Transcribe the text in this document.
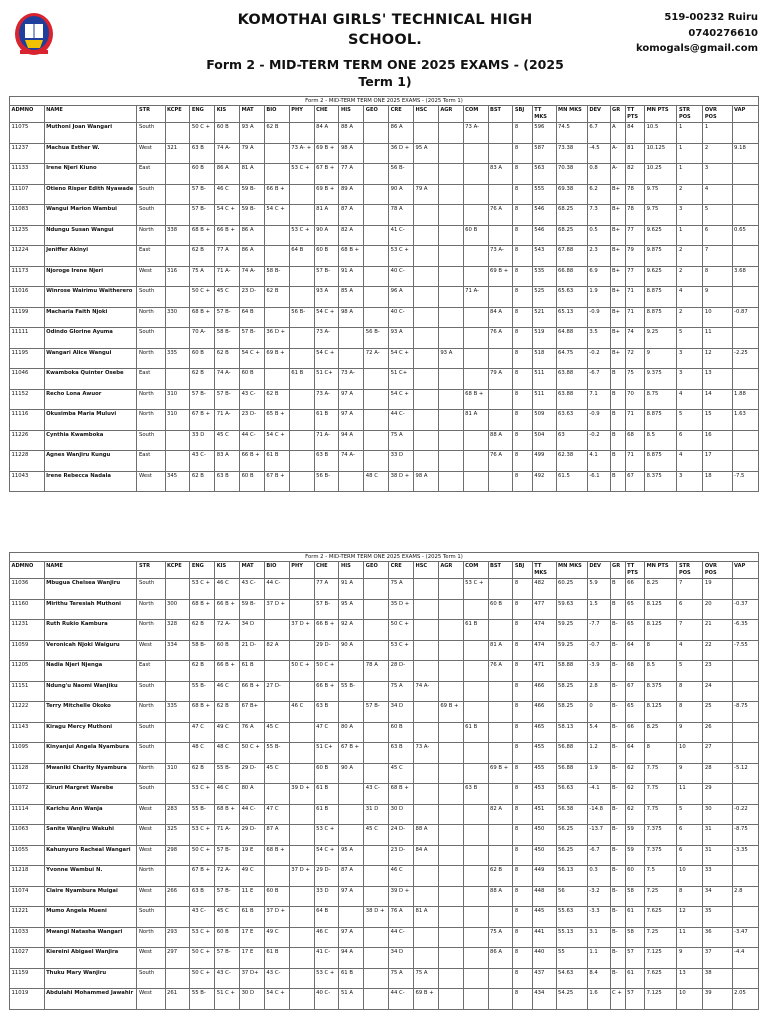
KOMOTHAI GIRLS' TECHNICAL HIGH SCHOOL.
Form 2 - MID-TERM TERM ONE 2025 EXAMS - (2025 Term 1)
519-00232 Ruiru
0740276610
komogals@gmail.com
Form 2 - MID-TERM TERM ONE 2025 EXAMS - (2025 Term 1)																										
ADMNO	NAME	STR	KCPE	ENG	KIS	MAT	BIO	PHY	CHE	HIS	GEO	CRE	HSC	AGR	COM	BST	SBJ	TT MKS	MN MKS	DEV	GR	TT PTS	MN PTS	STR POS	OVR POS	VAP
11075	Muthoni Joan Wangari	South		50 C +	60 B	93 A	62 B		84 A	88 A		86 A			73 A-		8	596	74.5	6.7	A	84	10.5	1	1	
11237	Machua Esther W.	West	321	63 B	74 A-	79 A		73 A- +	69 B +	98 A		36 D +	95 A				8	587	73.38	-4.5	A-	81	10.125	1	2	9.18
11133	Irene Njeri Kiuno	East		60 B	86 A	81 A		53 C +	67 B +	77 A		56 B-				83 A	8	563	70.38	0.8	A-	82	10.25	1	3	
11107	Otieno Risper Edith Nyawade	South		57 B-	46 C	59 B-	66 B +		69 B +	89 A		90 A	79 A				8	555	69.38	6.2	B+	78	9.75	2	4	
11083	Wangui Marion Wambui	South		57 B-	54 C +	59 B-	54 C +		81 A	87 A		78 A				76 A	8	546	68.25	7.3	B+	78	9.75	3	5	
11235	Ndungu Susan Wangui	North	338	68 B +	66 B +	86 A		53 C +	90 A	82 A		41 C-			60 B		8	546	68.25	0.5	B+	77	9.625	1	6	0.65
11224	Jeniffer Akinyi	East		62 B	77 A	86 A		64 B	60 B	68 B +		53 C +				73 A-	8	543	67.88	2.3	B+	79	9.875	2	7	
11173	Njoroge Irene Njeri	West	316	75 A	71 A-	74 A-	58 B-		57 B-	91 A		40 C-				69 B +	8	535	66.88	6.9	B+	77	9.625	2	8	3.68
11016	Winrose Wairimu Waitherero	South		50 C +	45 C	23 D-	62 B		93 A	85 A		96 A			71 A-		8	525	65.63	1.9	B+	71	8.875	4	9	
11199	Macharia Faith Njoki	North	330	68 B +	57 B-	64 B		56 B-	54 C +	98 A		40 C-				84 A	8	521	65.13	-0.9	B+	71	8.875	2	10	-0.87
11111	Odindo Glorine Ayuma	South		70 A-	58 B-	57 B-	36 D +		73 A-		56 B-	93 A				76 A	8	519	64.88	3.5	B+	74	9.25	5	11	
11195	Wangari Alice Wangui	North	335	60 B	62 B	54 C +	69 B +		54 C +		72 A-	54 C +		93 A			8	518	64.75	-0.2	B+	72	9	3	12	-2.25
11046	Kwamboka Quinter Osebe	East		62 B	74 A-	60 B		61 B	51 C+	73 A-		51 C+				79 A	8	511	63.88	-6.7	B	75	9.375	3	13	
11152	Recho Lona Awuor	North	310	57 B-	57 B-	43 C-	62 B		73 A-	97 A		54 C +			68 B +		8	511	63.88	7.1	B	70	8.75	4	14	1.88
11116	Okusimba Maria Muluvi	North	310	67 B +	71 A-	23 D-	65 B +		61 B	97 A		44 C-			81 A		8	509	63.63	-0.9	B	71	8.875	5	15	1.63
11226	Cynthia Kwamboka	South		33 D	45 C	44 C-	54 C +		71 A-	94 A		75 A				88 A	8	504	63	-0.2	B	68	8.5	6	16	
11228	Agnes Wanjiru Kungu	East		43 C-	83 A	66 B +	61 B		63 B	74 A-		33 D				76 A	8	499	62.38	4.1	B	71	8.875	4	17	
11043	Irene Rebecca Nadala	West	345	62 B	63 B	60 B	67 B +		56 B-		48 C	38 D +	98 A				8	492	61.5	-6.1	B	67	8.375	3	18	-7.5
Form 2 - MID-TERM TERM ONE 2025 EXAMS - (2025 Term 1)																										
ADMNO	NAME	STR	KCPE	ENG	KIS	MAT	BIO	PHY	CHE	HIS	GEO	CRE	HSC	AGR	COM	BST	SBJ	TT MKS	MN MKS	DEV	GR	TT PTS	MN PTS	STR POS	OVR POS	VAP
11036	Mbugua Chelsea Wanjiru	South		53 C +	46 C	43 C-	44 C-		77 A	91 A		75 A			53 C +		8	482	60.25	5.9	B	66	8.25	7	19	
11160	Mirithu Teresiah Muthoni	North	300	68 B +	66 B +	59 B-	37 D +		57 B-	95 A		35 D +				60 B	8	477	59.63	1.5	B	65	8.125	6	20	-0.37
11231	Ruth Rukio Kambura	North	328	62 B	72 A-	34 D		37 D +	66 B +	92 A		50 C +			61 B		8	474	59.25	-7.7	B-	65	8.125	7	21	-6.35
11059	Veronicah Njoki Waiguru	West	334	58 B-	60 B	21 D-	82 A		29 D-	90 A		53 C +				81 A	8	474	59.25	-0.7	B-	64	8	4	22	-7.55
11205	Nadia Njeri Njenga	East		62 B	66 B +	61 B		50 C +	50 C +		78 A	28 D-				76 A	8	471	58.88	-3.9	B-	68	8.5	5	23	
11151	Ndung'u Naomi Wanjiku	South		55 B-	46 C	66 B +	27 D-		66 B +	55 B-		75 A	74 A-				8	466	58.25	2.8	B-	67	8.375	8	24	
11222	Terry Mitchelle Okoko	North	335	68 B +	62 B	67 B+		46 C	63 B		57 B-	34 D		69 B +			8	466	58.25	0	B-	65	8.125	8	25	-8.75
11143	Kiragu Mercy Muthoni	South		47 C	49 C	76 A	45 C		47 C	80 A		60 B			61 B		8	465	58.13	5.4	B-	66	8.25	9	26	
11095	Kinyanjui Angela Nyambura	South		48 C	48 C	50 C +	55 B-		51 C+	67 B +		63 B	73 A-				8	455	56.88	1.2	B-	64	8	10	27	
11128	Mwaniki Charity Nyambura	North	310	62 B	55 B-	29 D-	45 C		60 B	90 A		45 C				69 B +	8	455	56.88	1.9	B-	62	7.75	9	28	-5.12
11072	Kiruri Margret Warebe	South		53 C +	46 C	80 A		39 D +	61 B		43 C-	68 B +			63 B		8	453	56.63	-4.1	B-	62	7.75	11	29	
11114	Karichu Ann Wanja	West	283	55 B-	68 B +	44 C-	47 C		61 B		31 D	30 D				82 A	8	451	56.38	-14.8	B-	62	7.75	5	30	-0.22
11063	Sanite Wanjiru Wakuhi	West	325	53 C +	71 A-	29 D-	87 A		53 C +		45 C	24 D-	88 A				8	450	56.25	-13.7	B-	59	7.375	6	31	-8.75
11055	Kahunyuro Racheal Wangari	West	298	50 C +	57 B-	19 E	68 B +		54 C +	95 A		23 D-	84 A				8	450	56.25	-6.7	B-	59	7.375	6	31	-3.35
11218	Yvonne Wambui N.	North		67 B +	72 A-	49 C		37 D +	29 D-	87 A		46 C				62 B	8	449	56.13	0.3	B-	60	7.5	10	33	
11074	Claire Nyambura Muigai	West	266	63 B	57 B-	11 E	60 B		33 D	97 A		39 D +				88 A	8	448	56	-3.2	B-	58	7.25	8	34	2.8
11221	Mumo Angela Mueni	South		43 C-	45 C	61 B	37 D +		64 B		38 D +	76 A	81 A				8	445	55.63	-3.3	B-	61	7.625	12	35	
11033	Mwangi Natasha Wangari	North	293	53 C +	60 B	17 E	49 C		46 C	97 A		44 C-				75 A	8	441	55.13	3.1	B-	58	7.25	11	36	-3.47
11027	Kiereini Abigael Wanjira	West	297	50 C +	57 B-	17 E	61 B		41 C-	94 A		34 D				86 A	8	440	55	1.1	B-	57	7.125	9	37	-4.4
11159	Thuku Mary Wanjiru	South		50 C +	43 C-	37 D+	43 C-		53 C +	61 B		75 A	75 A				8	437	54.63	8.4	B-	61	7.625	13	38	
11019	Abdulahi Mohammed Jawahir	West	261	55 B-	51 C +	30 D	54 C +		40 C-	51 A		44 C-	69 B +				8	434	54.25	1.6	C +	57	7.125	10	39	2.05
